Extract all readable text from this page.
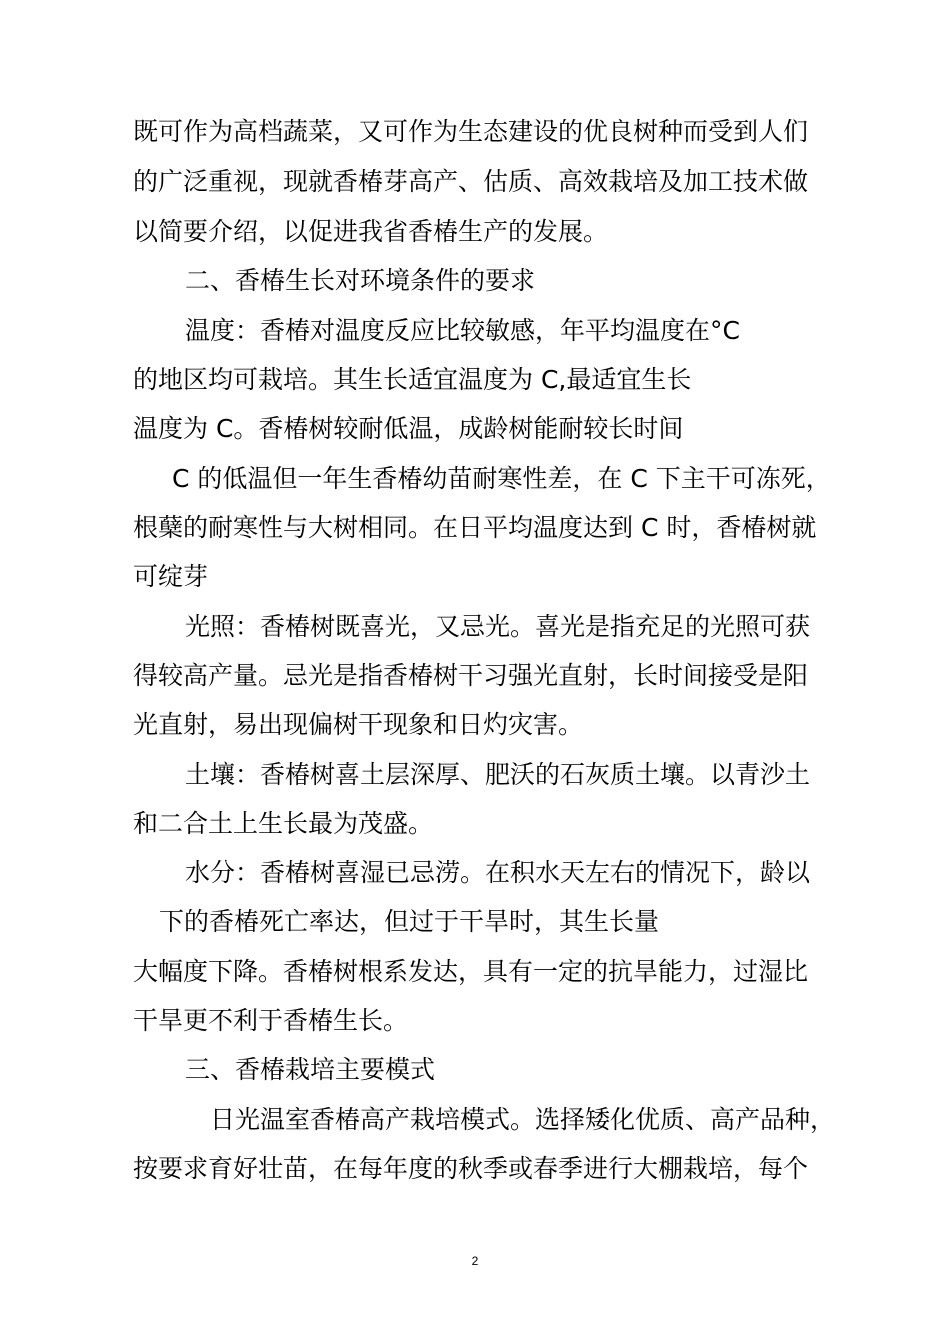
既可作为高档蔬菜，又可作为生态建设的优良树种而受到人们
的广泛重视，现就香椿芽高产、估质、高效栽培及加工技术做
以简要介绍，以促进我省香椿生产的发展。
二、香椿生长对环境条件的要求
温度：香椿对温度反应比较敏感，年平均温度在°C
的地区均可栽培。其生长适宜温度为 C,最适宜生长
温度为 C。香椿树较耐低温，成龄树能耐较长时间
C 的低温但一年生香椿幼苗耐寒性差，在 C 下主干可冻死，
根蘖的耐寒性与大树相同。在日平均温度达到 C 时，香椿树就
可绽芽
光照：香椿树既喜光，又忌光。喜光是指充足的光照可获
得较高产量。忌光是指香椿树干习强光直射，长时间接受是阳
光直射，易出现偏树干现象和日灼灾害。
土壤：香椿树喜土层深厚、肥沃的石灰质土壤。以青沙土
和二合土上生长最为茂盛。
水分：香椿树喜湿已忌涝。在积水天左右的情况下，龄以
下的香椿死亡率达，但过于干旱时，其生长量
大幅度下降。香椿树根系发达，具有一定的抗旱能力，过湿比
干旱更不利于香椿生长。
三、香椿栽培主要模式
日光温室香椿高产栽培模式。选择矮化优质、高产品种，
按要求育好壮苗，在每年度的秋季或春季进行大棚栽培，每个
2
